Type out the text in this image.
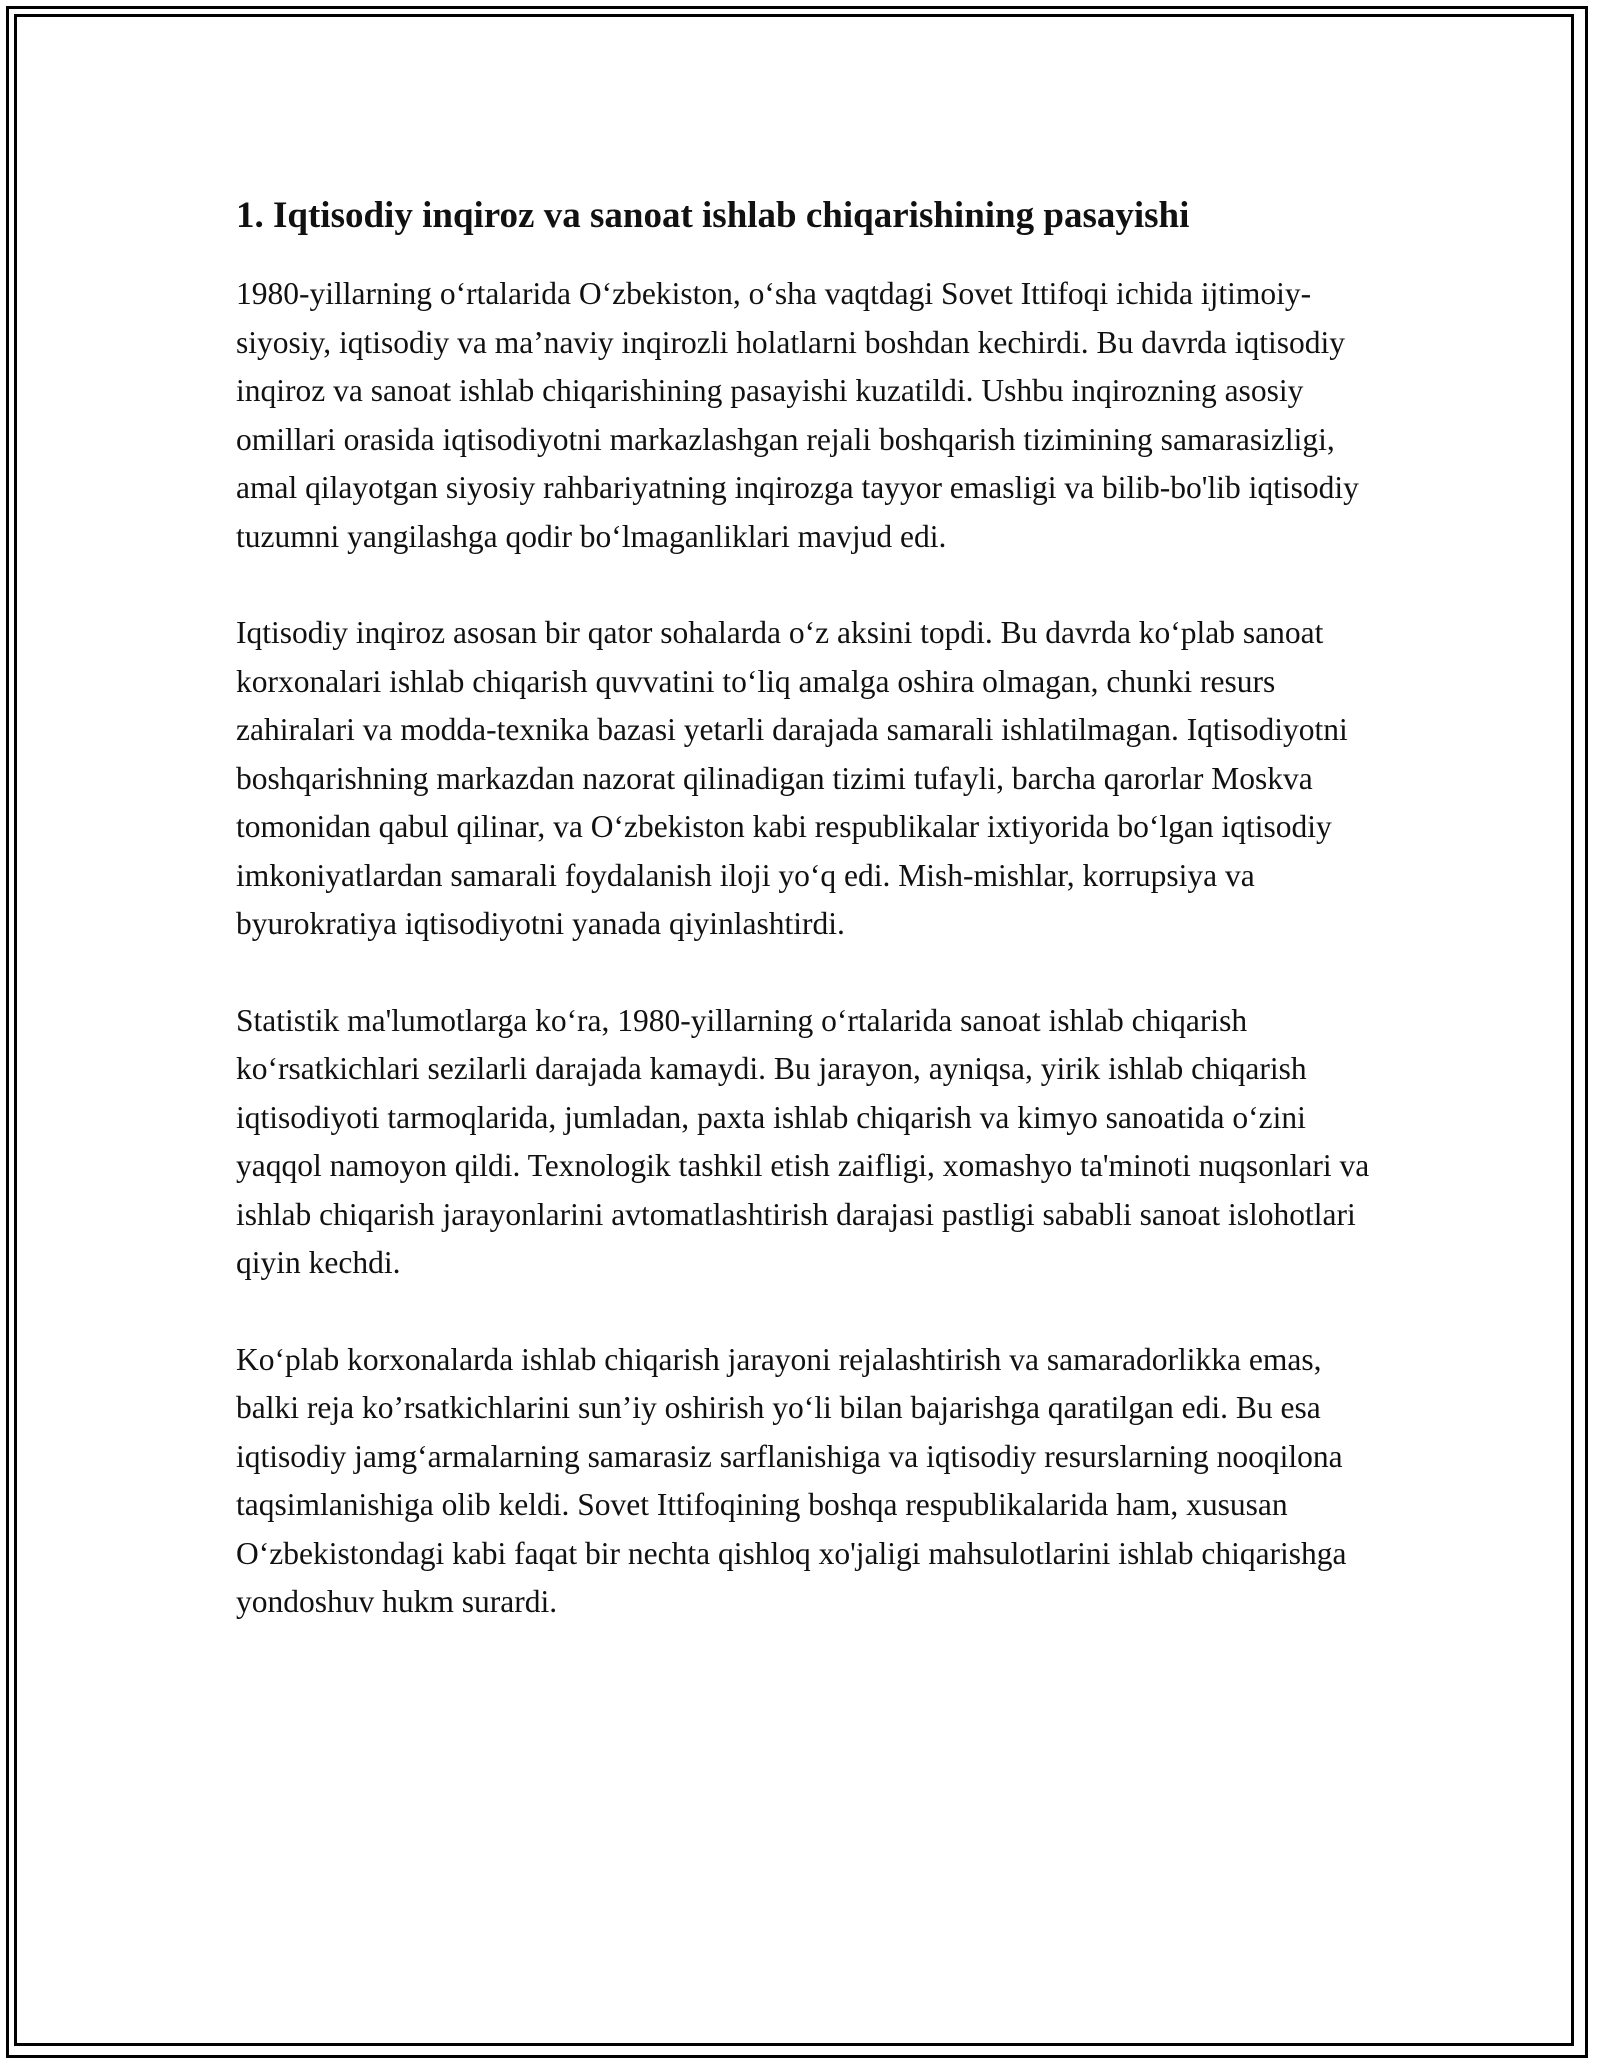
1. Iqtisodiy inqiroz va sanoat ishlab chiqarishining pasayishi

1980-yillarning o‘rtalarida O‘zbekiston, o‘sha vaqtdagi Sovet Ittifoqi ichida ijtimoiy-siyosiy, iqtisodiy va ma’naviy inqirozli holatlarni boshdan kechirdi. Bu davrda iqtisodiy inqiroz va sanoat ishlab chiqarishining pasayishi kuzatildi. Ushbu inqirozning asosiy omillari orasida iqtisodiyotni markazlashgan rejali boshqarish tizimining samarasizligi, amal qilayotgan siyosiy rahbariyatning inqirozga tayyor emasligi va bilib-bo'lib iqtisodiy tuzumni yangilashga qodir bo‘lmaganliklari mavjud edi.

Iqtisodiy inqiroz asosan bir qator sohalarda o‘z aksini topdi. Bu davrda ko‘plab sanoat korxonalari ishlab chiqarish quvvatini to‘liq amalga oshira olmagan, chunki resurs zahiralari va modda-texnika bazasi yetarli darajada samarali ishlatilmagan. Iqtisodiyotni boshqarishning markazdan nazorat qilinadigan tizimi tufayli, barcha qarorlar Moskva tomonidan qabul qilinar, va O‘zbekiston kabi respublikalar ixtiyorida bo‘lgan iqtisodiy imkoniyatlardan samarali foydalanish iloji yo‘q edi. Mish-mishlar, korrupsiya va byurokratiya iqtisodiyotni yanada qiyinlashtirdi.

Statistik ma'lumotlarga ko‘ra, 1980-yillarning o‘rtalarida sanoat ishlab chiqarish ko‘rsatkichlari sezilarli darajada kamaydi. Bu jarayon, ayniqsa, yirik ishlab chiqarish iqtisodiyoti tarmoqlarida, jumladan, paxta ishlab chiqarish va kimyo sanoatida o‘zini yaqqol namoyon qildi. Texnologik tashkil etish zaifligi, xomashyo ta'minoti nuqsonlari va ishlab chiqarish jarayonlarini avtomatlashtirish darajasi pastligi sababli sanoat islohotlari qiyin kechdi.

Ko‘plab korxonalarda ishlab chiqarish jarayoni rejalashtirish va samaradorlikka emas, balki reja ko’rsatkichlarini sun’iy oshirish yo‘li bilan bajarishga qaratilgan edi. Bu esa iqtisodiy jamg‘armalarning samarasiz sarflanishiga va iqtisodiy resurslarning nooqilona taqsimlanishiga olib keldi. Sovet Ittifoqining boshqa respublikalarida ham, xususan O‘zbekistondagi kabi faqat bir nechta qishloq xo'jaligi mahsulotlarini ishlab chiqarishga yondoshuv hukm surardi.
